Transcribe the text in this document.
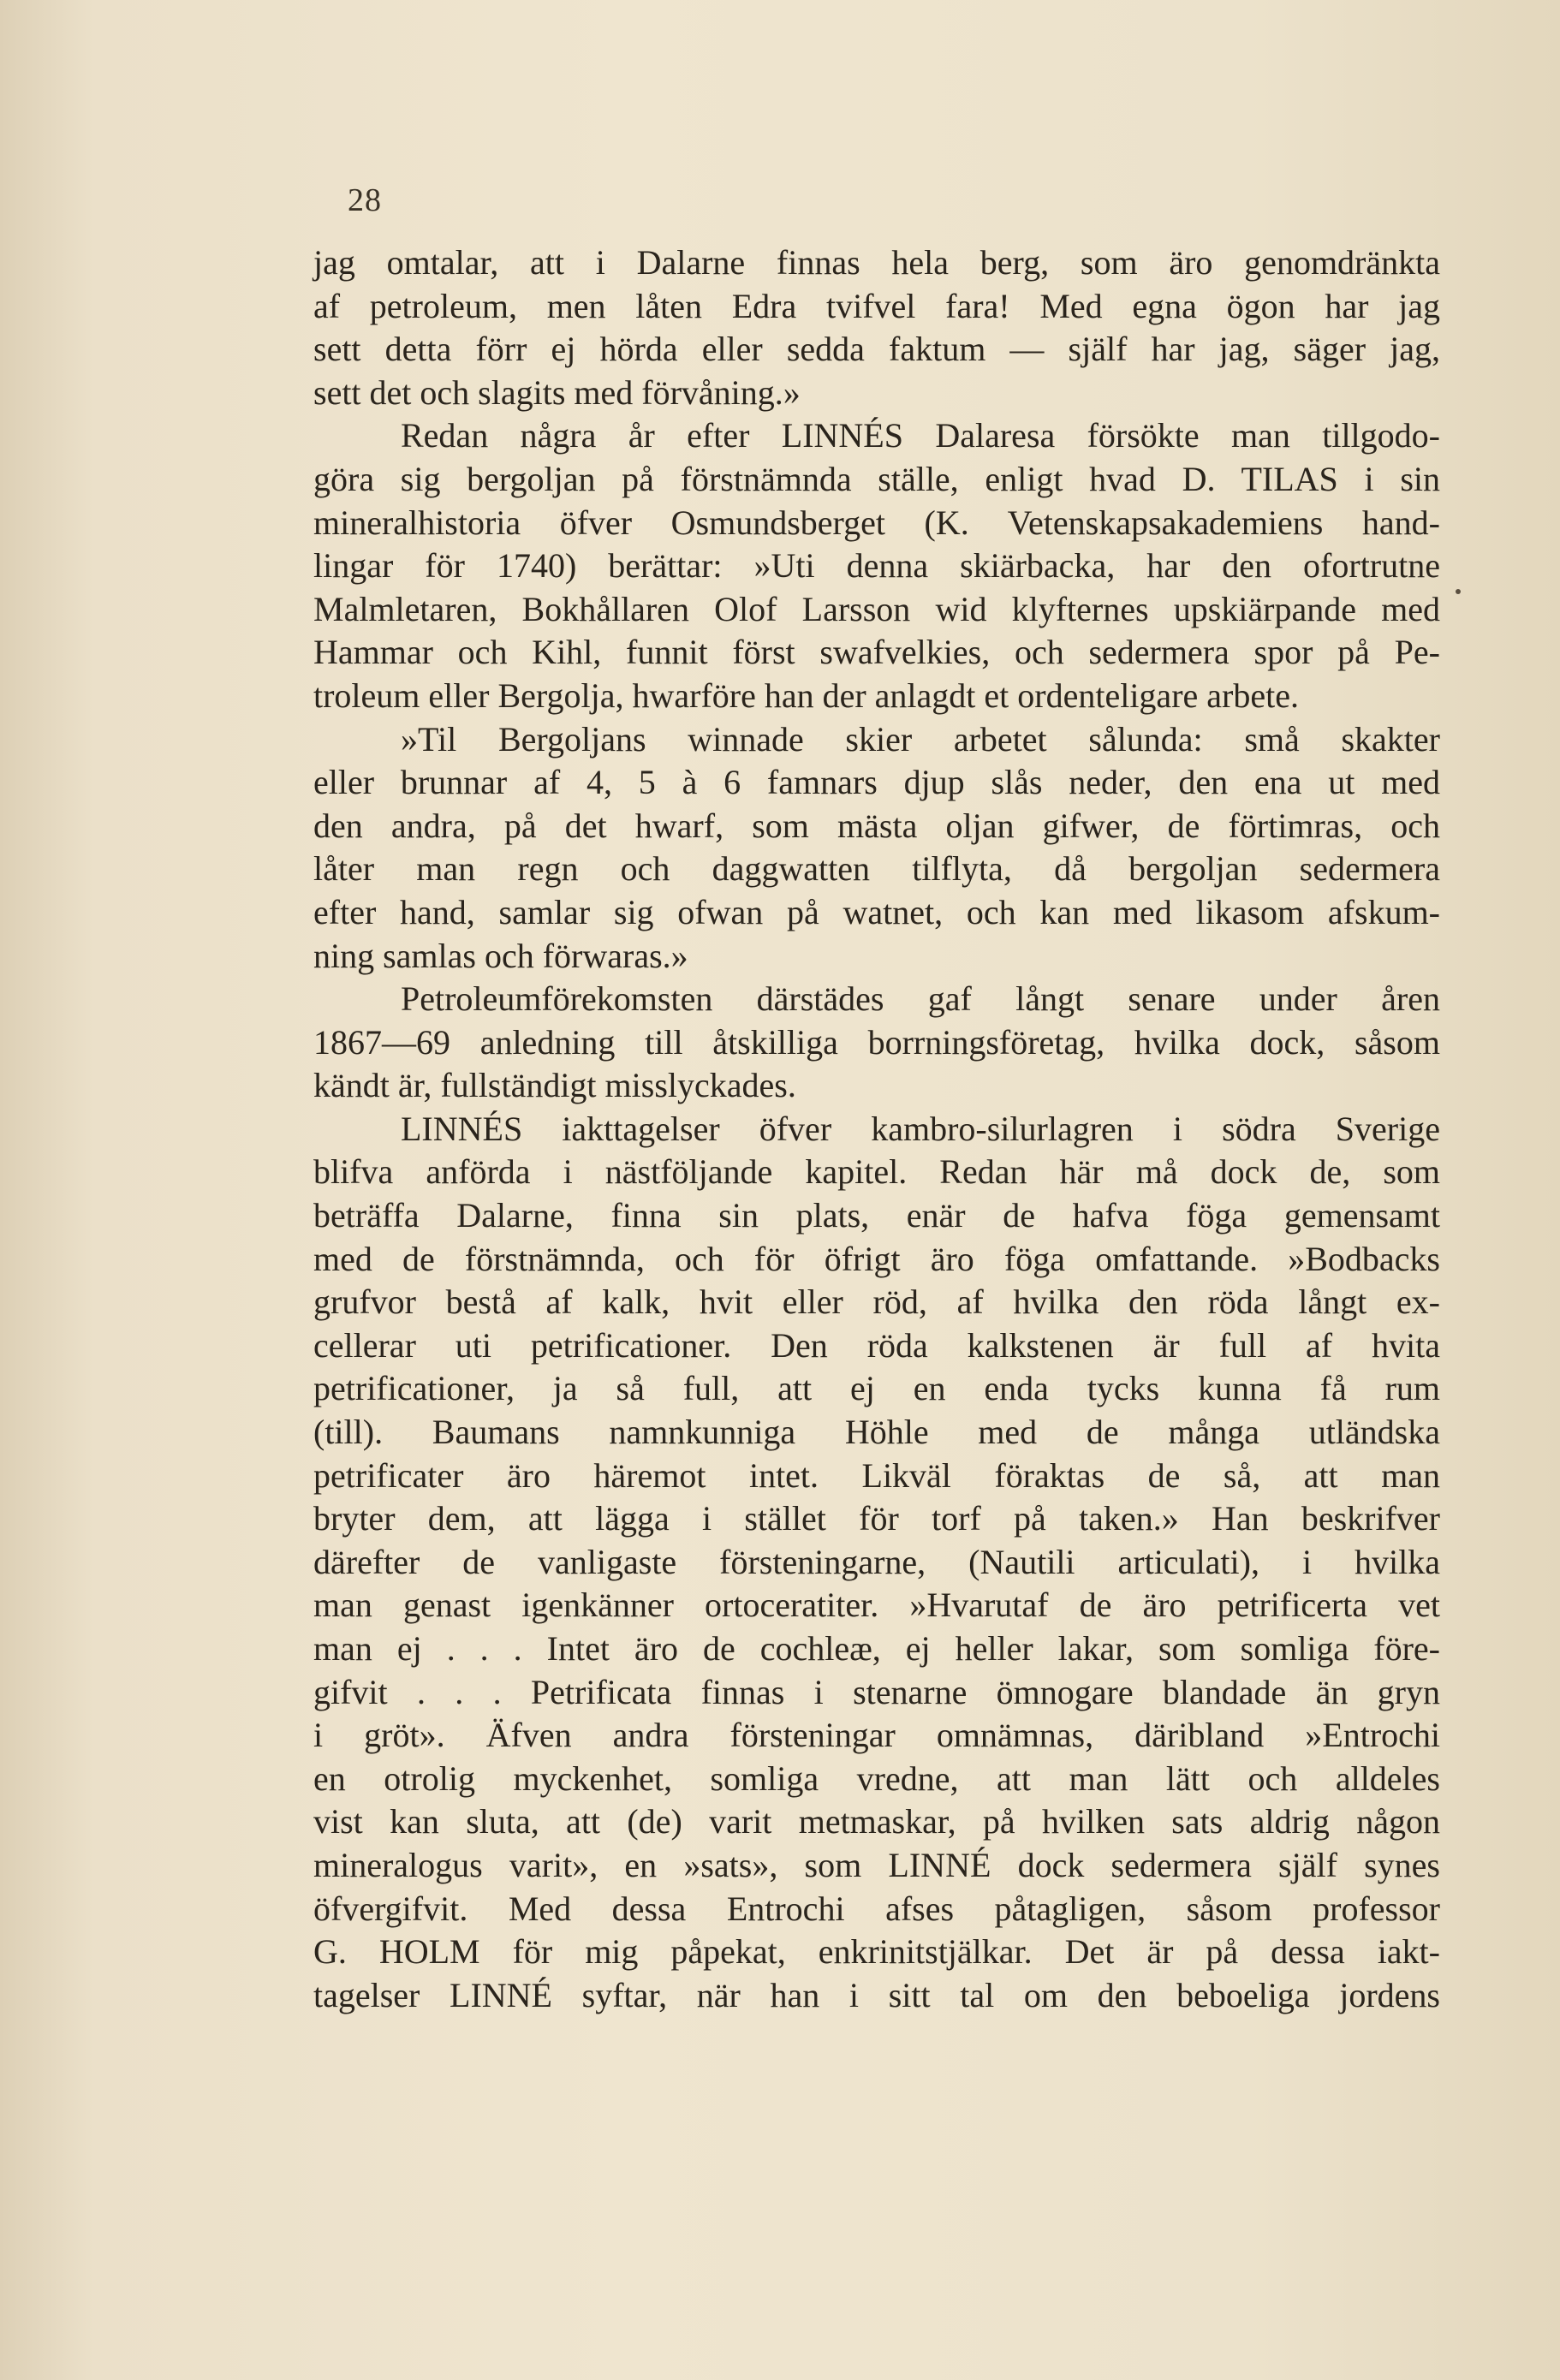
28
jag omtalar, att i Dalarne finnas hela berg, som äro genomdränkta
af petroleum, men låten Edra tvifvel fara! Med egna ögon har jag
sett detta förr ej hörda eller sedda faktum — själf har jag, säger jag,
sett det och slagits med förvåning.»
Redan några år efter LINNÉS Dalaresa försökte man tillgodo-
göra sig bergoljan på förstnämnda ställe, enligt hvad D. TILAS i sin
mineralhistoria öfver Osmundsberget (K. Vetenskapsakademiens hand-
lingar för 1740) berättar: »Uti denna skiärbacka, har den ofortrutne
Malmletaren, Bokhållaren Olof Larsson wid klyfternes upskiärpande med
Hammar och Kihl, funnit först swafvelkies, och sedermera spor på Pe-
troleum eller Bergolja, hwarföre han der anlagdt et ordenteligare arbete.
»Til Bergoljans winnade skier arbetet sålunda: små skakter
eller brunnar af 4, 5 à 6 famnars djup slås neder, den ena ut med
den andra, på det hwarf, som mästa oljan gifwer, de förtimras, och
låter man regn och daggwatten tilflyta, då bergoljan sedermera
efter hand, samlar sig ofwan på watnet, och kan med likasom afskum-
ning samlas och förwaras.»
Petroleumförekomsten därstädes gaf långt senare under åren
1867—69 anledning till åtskilliga borrningsföretag, hvilka dock, såsom
kändt är, fullständigt misslyckades.
LINNÉS iakttagelser öfver kambro-silurlagren i södra Sverige
blifva anförda i nästföljande kapitel. Redan här må dock de, som
beträffa Dalarne, finna sin plats, enär de hafva föga gemensamt
med de förstnämnda, och för öfrigt äro föga omfattande. »Bodbacks
grufvor bestå af kalk, hvit eller röd, af hvilka den röda långt ex-
cellerar uti petrificationer. Den röda kalkstenen är full af hvita
petrificationer, ja så full, att ej en enda tycks kunna få rum
(till). Baumans namnkunniga Höhle med de många utländska
petrificater äro häremot intet. Likväl föraktas de så, att man
bryter dem, att lägga i stället för torf på taken.» Han beskrifver
därefter de vanligaste försteningarne, (Nautili articulati), i hvilka
man genast igenkänner ortoceratiter. »Hvarutaf de äro petrificerta vet
man ej . . . Intet äro de cochleæ, ej heller lakar, som somliga före-
gifvit . . . Petrificata finnas i stenarne ömnogare blandade än gryn
i gröt». Äfven andra försteningar omnämnas, däribland »Entrochi
en otrolig myckenhet, somliga vredne, att man lätt och alldeles
vist kan sluta, att (de) varit metmaskar, på hvilken sats aldrig någon
mineralogus varit», en »sats», som LINNÉ dock sedermera själf synes
öfvergifvit. Med dessa Entrochi afses påtagligen, såsom professor
G. HOLM för mig påpekat, enkrinitstjälkar. Det är på dessa iakt-
tagelser LINNÉ syftar, när han i sitt tal om den beboeliga jordens
